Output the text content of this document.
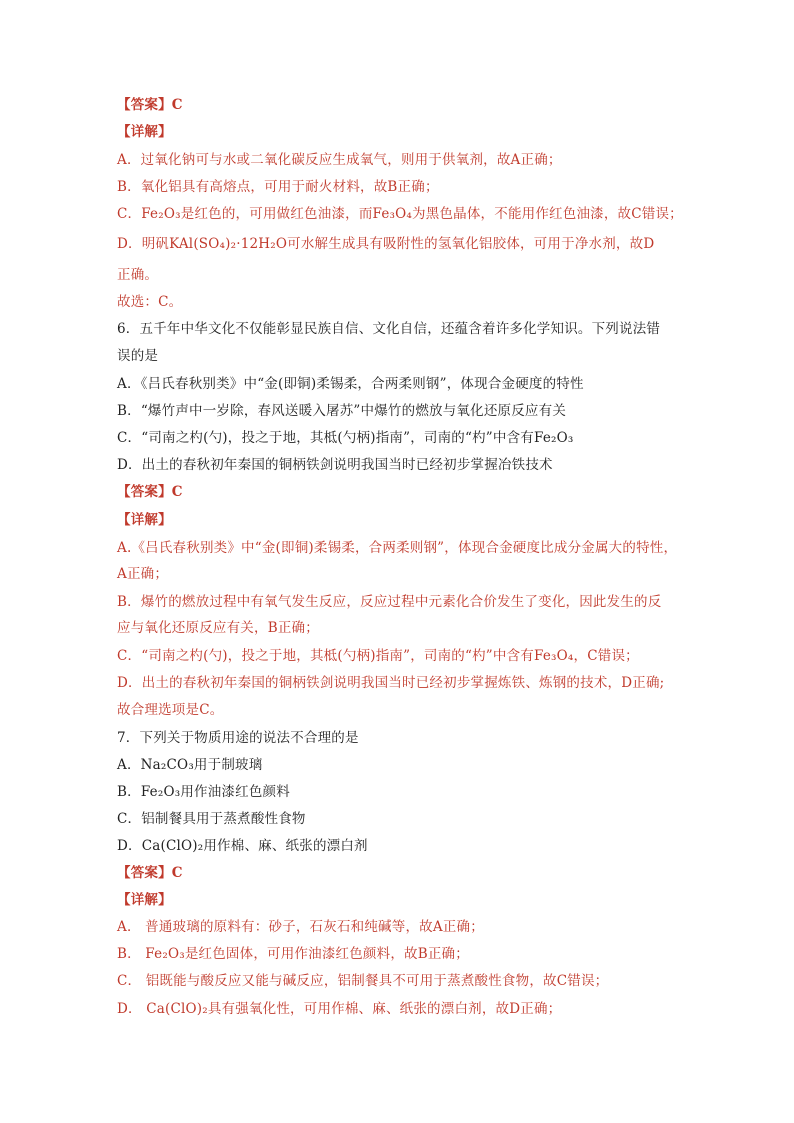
【答案】C
【详解】
A．过氧化钠可与水或二氧化碳反应生成氧气，则用于供氧剂，故A正确；
B．氧化铝具有高熔点，可用于耐火材料，故B正确；
C．Fe₂O₃是红色的，可用做红色油漆，而Fe₃O₄为黑色晶体，不能用作红色油漆，故C错误；
D．明矾KAl(SO₄)₂·12H₂O可水解生成具有吸附性的氢氧化铝胶体，可用于净水剂，故D
正确。
故选：C。
6．五千年中华文化不仅能彰显民族自信、文化自信，还蕴含着许多化学知识。下列说法错
误的是
A．《吕氏春秋别类》中“金(即铜)柔锡柔，合两柔则钢”，体现合金硬度的特性
B．“爆竹声中一岁除，春风送暖入屠苏”中爆竹的燃放与氧化还原反应有关
C．“司南之杓(勺)，投之于地，其柢(勺柄)指南”，司南的“杓”中含有Fe₂O₃
D．出土的春秋初年秦国的铜柄铁剑说明我国当时已经初步掌握冶铁技术
【答案】C
【详解】
A.《吕氏春秋别类》中“金(即铜)柔锡柔，合两柔则钢”，体现合金硬度比成分金属大的特性，
A正确；
B．爆竹的燃放过程中有氧气发生反应，反应过程中元素化合价发生了变化，因此发生的反
应与氧化还原反应有关，B正确；
C．“司南之杓(勺)，投之于地，其柢(勺柄)指南”，司南的“杓”中含有Fe₃O₄，C错误；
D．出土的春秋初年秦国的铜柄铁剑说明我国当时已经初步掌握炼铁、炼钢的技术，D正确;
故合理选项是C。
7．下列关于物质用途的说法不合理的是
A．Na₂CO₃用于制玻璃
B．Fe₂O₃用作油漆红色颜料
C．铝制餐具用于蒸煮酸性食物
D．Ca(ClO)₂用作棉、麻、纸张的漂白剂
【答案】C
【详解】
A． 普通玻璃的原料有：砂子，石灰石和纯碱等，故A正确；
B． Fe₂O₃是红色固体，可用作油漆红色颜料，故B正确；
C． 铝既能与酸反应又能与碱反应，铝制餐具不可用于蒸煮酸性食物，故C错误；
D． Ca(ClO)₂具有强氧化性，可用作棉、麻、纸张的漂白剂，故D正确；
